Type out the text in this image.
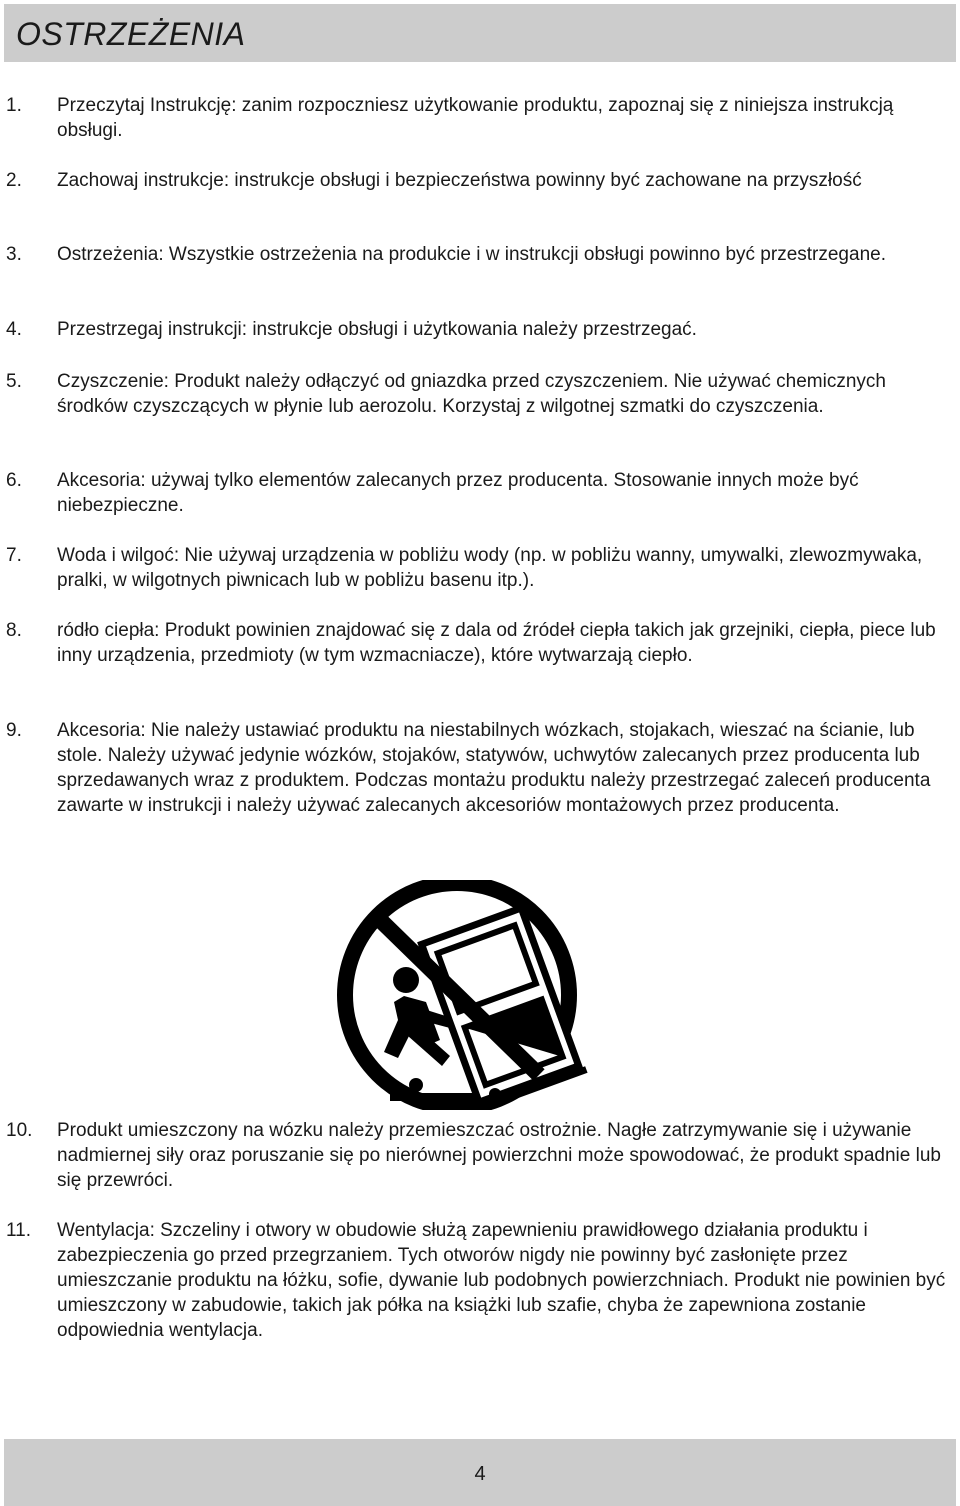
OSTRZEŻENIA
1. Przeczytaj Instrukcję: zanim rozpoczniesz użytkowanie produktu, zapoznaj się z niniejsza instrukcją obsługi.
2. Zachowaj instrukcje: instrukcje obsługi i bezpieczeństwa powinny być zachowane na przyszłość
3. Ostrzeżenia: Wszystkie ostrzeżenia na produkcie i w instrukcji obsługi powinno być przestrzegane.
4. Przestrzegaj instrukcji: instrukcje obsługi i użytkowania należy przestrzegać.
5. Czyszczenie: Produkt należy odłączyć od gniazdka przed czyszczeniem. Nie używać chemicznych środków czyszczących w płynie lub aerozolu. Korzystaj z wilgotnej szmatki do czyszczenia.
6. Akcesoria: używaj tylko elementów zalecanych przez producenta. Stosowanie innych może być niebezpieczne.
7. Woda i wilgoć: Nie używaj urządzenia w pobliżu wody (np. w pobliżu wanny, umywalki, zlewozmywaka, pralki, w wilgotnych piwnicach lub w pobliżu basenu itp.).
8. ródło ciepła: Produkt powinien znajdować się z dala od źródeł ciepła takich jak grzejniki, ciepła, piece lub inny urządzenia, przedmioty (w tym wzmacniacze), które wytwarzają ciepło.
9. Akcesoria: Nie należy ustawiać produktu na niestabilnych wózkach, stojakach, wieszać na ścianie, lub stole. Należy używać jedynie wózków, stojaków, statywów, uchwytów zalecanych przez producenta lub sprzedawanych wraz z produktem. Podczas montażu produktu należy przestrzegać zaleceń producenta zawarte w instrukcji i należy używać zalecanych akcesoriów montażowych przez producenta.
10. Produkt umieszczony na wózku należy przemieszczać ostrożnie. Nagłe zatrzymywanie się i używanie nadmiernej siły oraz poruszanie się po nierównej powierzchni może spowodować, że produkt spadnie lub się przewróci.
11. Wentylacja: Szczeliny i otwory w obudowie służą zapewnieniu prawidłowego działania produktu i zabezpieczenia go przed przegrzaniem. Tych otworów nigdy nie powinny być zasłonięte przez umieszczanie produktu na łóżku, sofie, dywanie lub podobnych powierzchniach. Produkt nie powinien być umieszczony w zabudowie, takich jak półka na książki lub szafie, chyba że zapewniona zostanie odpowiednia wentylacja.
4
